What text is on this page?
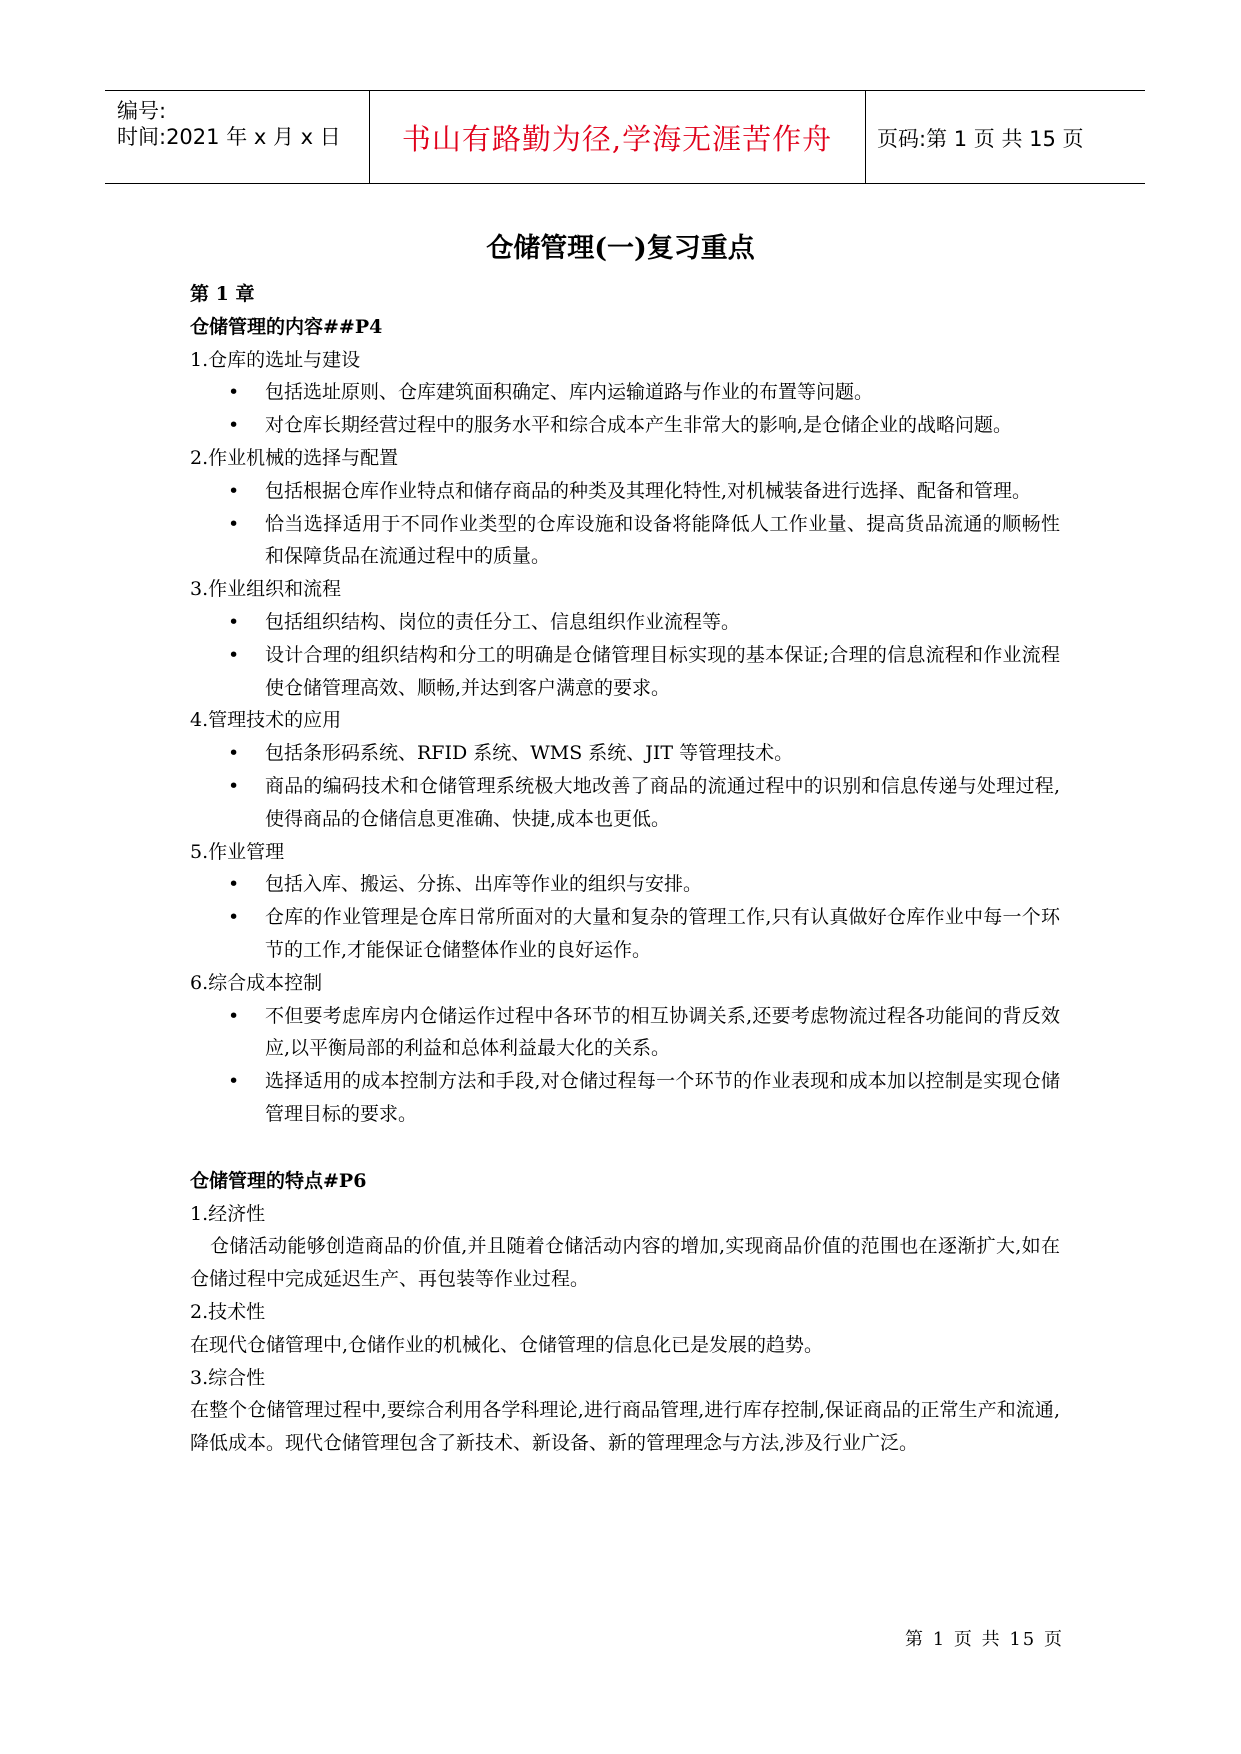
编号:
时间:2021 年 x 月 x 日	书山有路勤为径,学海无涯苦作舟	页码:第 1 页 共 15 页
仓储管理(一)复习重点

第 1 章

仓储管理的内容##P4

1.仓库的选址与建设
• 包括选址原则、仓库建筑面积确定、库内运输道路与作业的布置等问题。
• 对仓库长期经营过程中的服务水平和综合成本产生非常大的影响,是仓储企业的战略问题。
2.作业机械的选择与配置
• 包括根据仓库作业特点和储存商品的种类及其理化特性,对机械装备进行选择、配备和管理。
• 恰当选择适用于不同作业类型的仓库设施和设备将能降低人工作业量、提高货品流通的顺畅性和保障货品在流通过程中的质量。
3.作业组织和流程
• 包括组织结构、岗位的责任分工、信息组织作业流程等。
• 设计合理的组织结构和分工的明确是仓储管理目标实现的基本保证;合理的信息流程和作业流程使仓储管理高效、顺畅,并达到客户满意的要求。
4.管理技术的应用
• 包括条形码系统、RFID 系统、WMS 系统、JIT 等管理技术。
• 商品的编码技术和仓储管理系统极大地改善了商品的流通过程中的识别和信息传递与处理过程,使得商品的仓储信息更准确、快捷,成本也更低。
5.作业管理
• 包括入库、搬运、分拣、出库等作业的组织与安排。
• 仓库的作业管理是仓库日常所面对的大量和复杂的管理工作,只有认真做好仓库作业中每一个环节的工作,才能保证仓储整体作业的良好运作。
6.综合成本控制
• 不但要考虑库房内仓储运作过程中各环节的相互协调关系,还要考虑物流过程各功能间的背反效应,以平衡局部的利益和总体利益最大化的关系。
• 选择适用的成本控制方法和手段,对仓储过程每一个环节的作业表现和成本加以控制是实现仓储管理目标的要求。

仓储管理的特点#P6

1.经济性

仓储活动能够创造商品的价值,并且随着仓储活动内容的增加,实现商品价值的范围也在逐渐扩大,如在仓储过程中完成延迟生产、再包装等作业过程。

2.技术性

在现代仓储管理中,仓储作业的机械化、仓储管理的信息化已是发展的趋势。

3.综合性

在整个仓储管理过程中,要综合利用各学科理论,进行商品管理,进行库存控制,保证商品的正常生产和流通,降低成本。现代仓储管理包含了新技术、新设备、新的管理理念与方法,涉及行业广泛。

第 1 页 共 15 页
